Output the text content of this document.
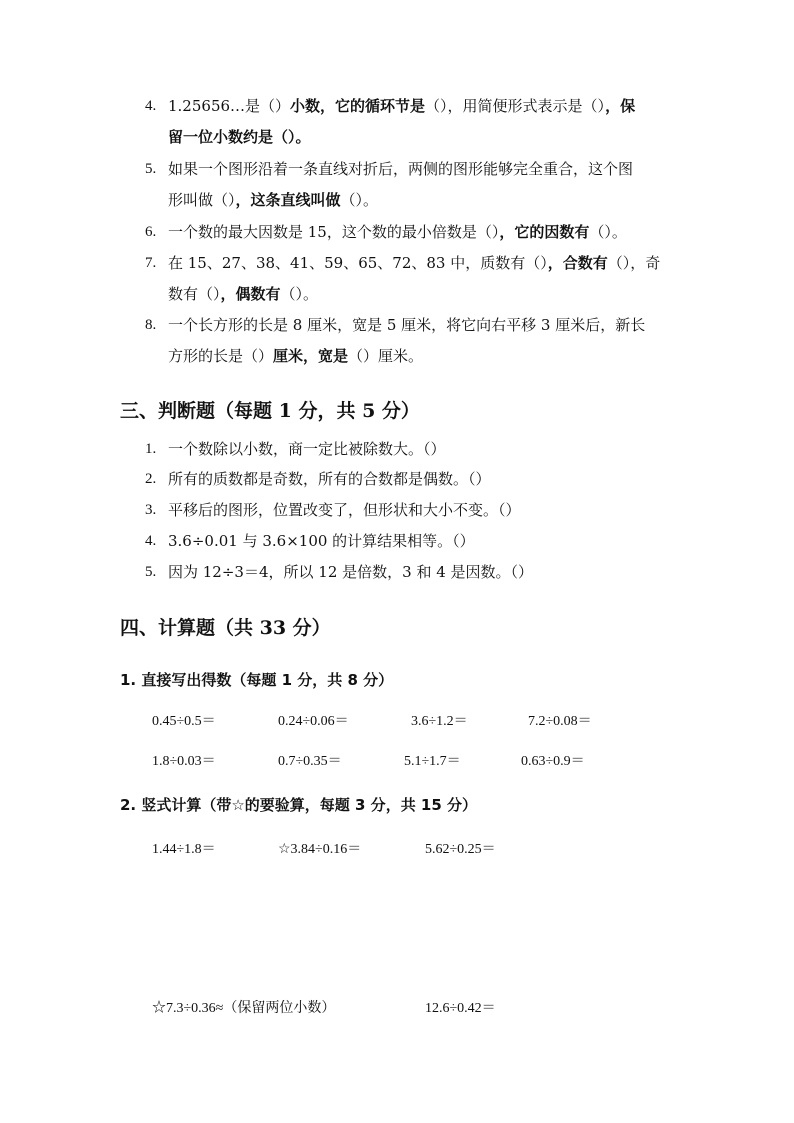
4. 1.25656…是（）小数，它的循环节是（），用简便形式表示是（），保
留一位小数约是（）。
5. 如果一个图形沿着一条直线对折后，两侧的图形能够完全重合，这个图
形叫做（），这条直线叫做（）。
6. 一个数的最大因数是 15，这个数的最小倍数是（），它的因数有（）。
7. 在 15、27、38、41、59、65、72、83 中，质数有（），合数有（），奇
数有（），偶数有（）。
8. 一个长方形的长是 8 厘米，宽是 5 厘米，将它向右平移 3 厘米后，新长
方形的长是（）厘米，宽是（）厘米。
三、判断题（每题 1 分，共 5 分）
1. 一个数除以小数，商一定比被除数大。（）
2. 所有的质数都是奇数，所有的合数都是偶数。（）
3. 平移后的图形，位置改变了，但形状和大小不变。（）
4. 3.6÷0.01 与 3.6×100 的计算结果相等。（）
5. 因为 12÷3＝4，所以 12 是倍数，3 和 4 是因数。（）
四、计算题（共 33 分）
1. 直接写出得数（每题 1 分，共 8 分）
0.45÷0.5＝	0.24÷0.06＝	3.6÷1.2＝	7.2÷0.08＝
1.8÷0.03＝	0.7÷0.35＝	5.1÷1.7＝	0.63÷0.9＝
2. 竖式计算（带☆的要验算，每题 3 分，共 15 分）
1.44÷1.8＝	☆3.84÷0.16＝	5.62÷0.25＝
☆7.3÷0.36≈（保留两位小数）	12.6÷0.42＝
